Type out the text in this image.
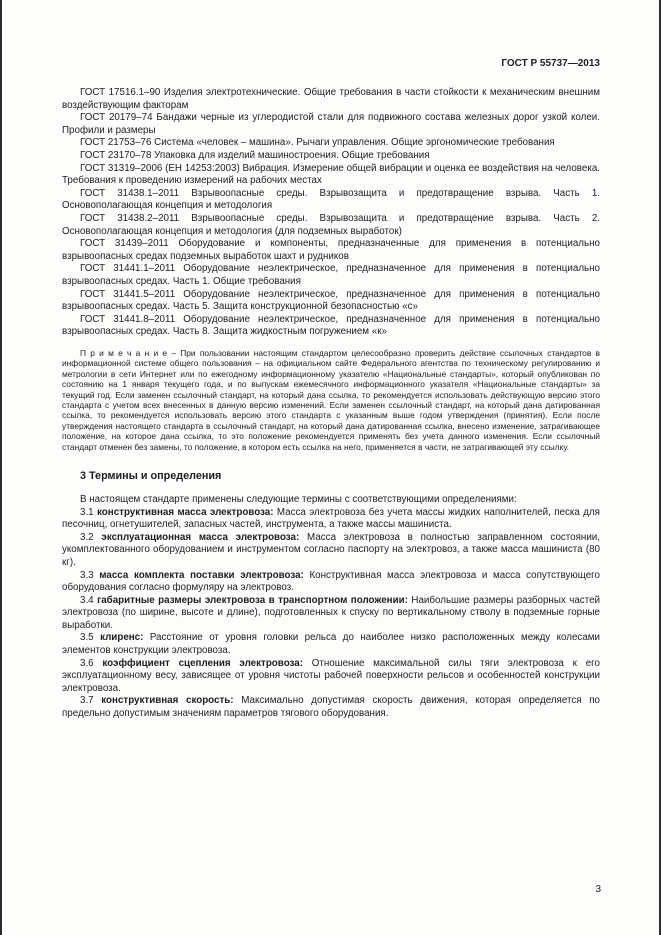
ГОСТ Р 55737—2013

ГОСТ 17516.1–90 Изделия электротехнические. Общие требования в части стойкости к механическим внешним воздействующим факторам

ГОСТ 20179–74 Бандажи черные из углеродистой стали для подвижного состава железных дорог узкой колеи. Профили и размеры

ГОСТ 21753–76 Система «человек – машина». Рычаги управления. Общие эргономические требования

ГОСТ 23170–78 Упаковка для изделий машиностроения. Общие требования

ГОСТ 31319–2006 (ЕН 14253:2003) Вибрация. Измерение общей вибрации и оценка ее воздействия на человека. Требования к проведению измерений на рабочих местах

ГОСТ 31438.1–2011 Взрывоопасные среды. Взрывозащита и предотвращение взрыва. Часть 1. Основополагающая концепция и методология

ГОСТ 31438.2–2011 Взрывоопасные среды. Взрывозащита и предотвращение взрыва. Часть 2. Основополагающая концепция и методология (для подземных выработок)

ГОСТ 31439–2011 Оборудование и компоненты, предназначенные для применения в потенциально взрывоопасных средах подземных выработок шахт и рудников

ГОСТ 31441.1–2011 Оборудование неэлектрическое, предназначенное для применения в потенциально взрывоопасных средах. Часть 1. Общие требования

ГОСТ 31441.5–2011 Оборудование неэлектрическое, предназначенное для применения в потенциально взрывоопасных средах. Часть 5. Защита конструкционной безопасностью «с»

ГОСТ 31441.8–2011 Оборудование неэлектрическое, предназначенное для применения в потенциально взрывоопасных средах. Часть 8. Защита жидкостным погружением «к»

П р и м е ч а н и е – При пользовании настоящим стандартом целесообразно проверить действие ссылочных стандартов в информационной системе общего пользования – на официальном сайте Федерального агентства по техническому регулированию и метрологии в сети Интернет или по ежегодному информационному указателю «Национальные стандарты», который опубликован по состоянию на 1 января текущего года, и по выпускам ежемесячного информационного указателя «Национальные стандарты» за текущий год. Если заменен ссылочный стандарт, на который дана ссылка, то рекомендуется использовать действующую версию этого стандарта с учетом всех внесенных в данную версию изменений. Если заменен ссылочный стандарт, на который дана датированная ссылка, то рекомендуется использовать версию этого стандарта с указанным выше годом утверждения (принятия). Если после утверждения настоящего стандарта в ссылочный стандарт, на который дана датированная ссылка, внесено изменение, затрагивающее положение, на которое дана ссылка, то это положение рекомендуется применять без учета данного изменения. Если ссылочный стандарт отменен без замены, то положение, в котором есть ссылка на него, применяется в части, не затрагивающей эту ссылку.

3 Термины и определения

В настоящем стандарте применены следующие термины с соответствующими определениями:

3.1 конструктивная масса электровоза: Масса электровоза без учета массы жидких наполнителей, песка для песочниц, огнетушителей, запасных частей, инструмента, а также массы машиниста.

3.2 эксплуатационная масса электровоза: Масса электровоза в полностью заправленном состоянии, укомплектованного оборудованием и инструментом согласно паспорту на электровоз, а также масса машиниста (80 кг).

3.3 масса комплекта поставки электровоза: Конструктивная масса электровоза и масса сопутствующего оборудования согласно формуляру на электровоз.

3.4 габаритные размеры электровоза в транспортном положении: Наибольшие размеры разборных частей электровоза (по ширине, высоте и длине), подготовленных к спуску по вертикальному стволу в подземные горные выработки.

3.5 клиренс: Расстояние от уровня головки рельса до наиболее низко расположенных между колесами элементов конструкции электровоза.

3.6 коэффициент сцепления электровоза: Отношение максимальной силы тяги электровоза к его эксплуатационному весу, зависящее от уровня чистоты рабочей поверхности рельсов и особенностей конструкции электровоза.

3.7 конструктивная скорость: Максимально допустимая скорость движения, которая определяется по предельно допустимым значениям параметров тягового оборудования.

3
